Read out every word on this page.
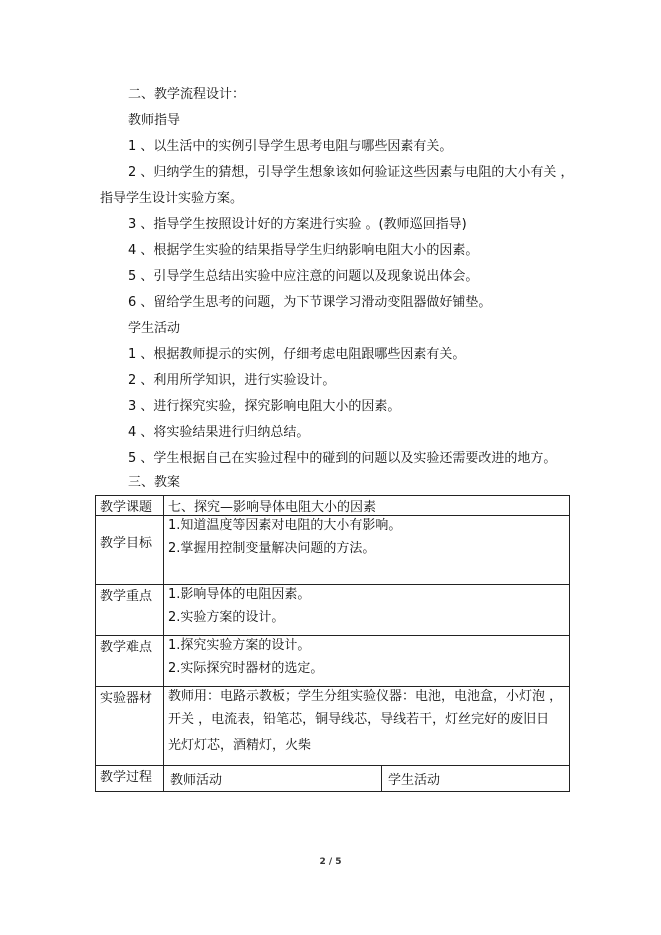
二、教学流程设计：
教师指导
1 、以生活中的实例引导学生思考电阻与哪些因素有关。
2 、归纳学生的猜想，引导学生想象该如何验证这些因素与电阻的大小有关 ，
指导学生设计实验方案。
3 、指导学生按照设计好的方案进行实验 。(教师巡回指导)
4 、根据学生实验的结果指导学生归纳影响电阻大小的因素。
5 、引导学生总结出实验中应注意的问题以及现象说出体会。
6 、留给学生思考的问题，为下节课学习滑动变阻器做好铺垫。
学生活动
1 、根据教师提示的实例，仔细考虑电阻跟哪些因素有关。
2 、利用所学知识，进行实验设计。
3 、进行探究实验，探究影响电阻大小的因素。
4 、将实验结果进行归纳总结。
5 、学生根据自己在实验过程中的碰到的问题以及实验还需要改进的地方。
三、教案
教学课题	七、探究—影响导体电阻大小的因素	
教学目标	1.知道温度等因素对电阻的大小有影响。
2.掌握用控制变量解决问题的方法。	

教学重点	1.影响导体的电阻因素。
2.实验方案的设计。	

教学难点	1.探究实验方案的设计。
2.实际探究时器材的选定。	

实验器材	教师用：电路示教板；学生分组实验仪器：电池，电池盒，小灯泡 ，
开关 ，电流表，铅笔芯，铜导线芯，导线若干，灯丝完好的废旧日
光灯灯芯，酒精灯，火柴	

教学过程	教师活动	学生活动
2 / 5
